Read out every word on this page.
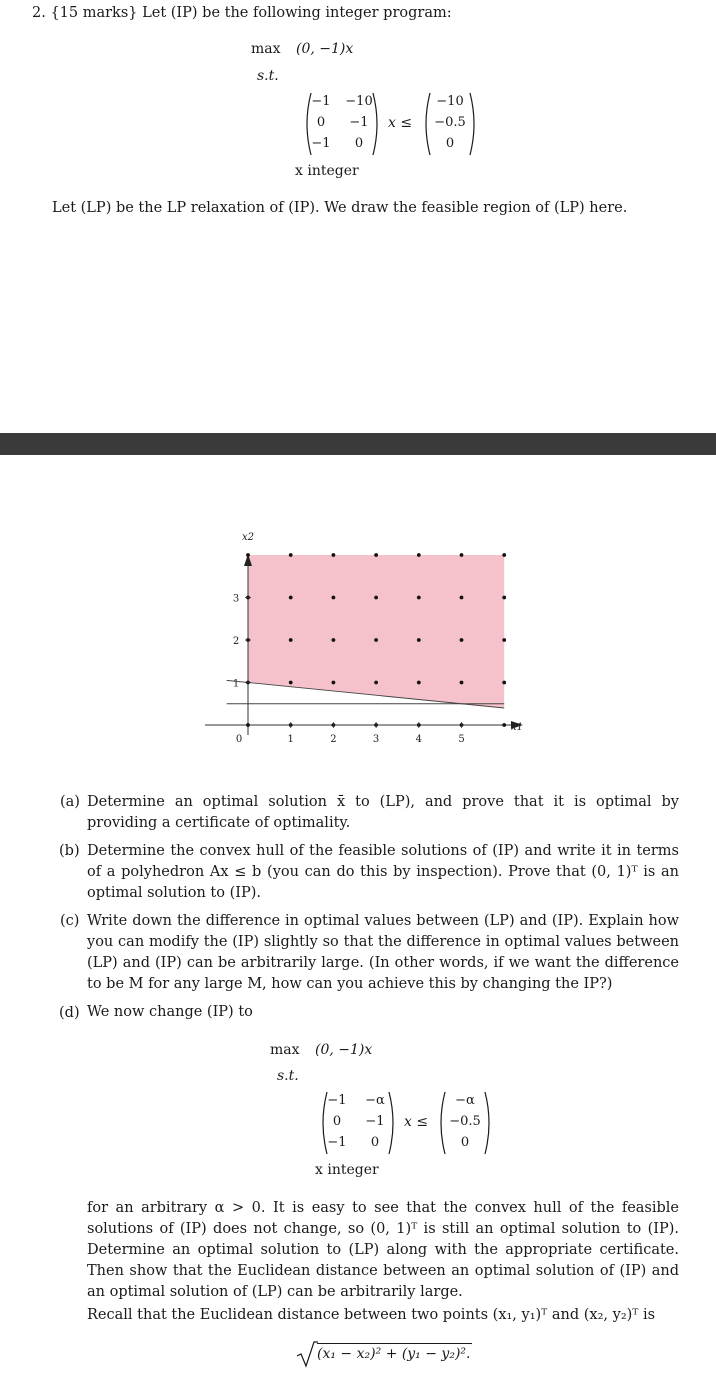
2. {15 marks} Let (IP) be the following integer program:
max (0, −1)x
s.t.
−1 −10
0	−1
−1	0
x ≤
−10
−0.5
0
x integer
Let (LP) be the LP relaxation of (IP). We draw the feasible region of (LP) here.
0	1	2	3	4	5
1
2
3
x1
x2
(a) Determine an optimal solution x̄ to (LP), and prove that it is optimal by providing a certificate of optimality.
(b) Determine the convex hull of the feasible solutions of (IP) and write it in terms of a polyhedron Ax ≤ b (you can do this by inspection). Prove that (0, 1)ᵀ is an optimal solution to (IP).
(c) Write down the difference in optimal values between (LP) and (IP). Explain how you can modify the (IP) slightly so that the difference in optimal values between (LP) and (IP) can be arbitrarily large. (In other words, if we want the difference to be M for any large M, how can you achieve this by changing the IP?)
(d) We now change (IP) to
max (0, −1)x
s.t.
−1	−α
0	−1
−1	0
x ≤
−α
−0.5
0
x integer
for an arbitrary α > 0. It is easy to see that the convex hull of the feasible solutions of (IP) does not change, so (0, 1)ᵀ is still an optimal solution to (IP). Determine an optimal solution to (LP) along with the appropriate certificate. Then show that the Euclidean distance between an optimal solution of (IP) and an optimal solution of (LP) can be arbitrarily large.
Recall that the Euclidean distance between two points (x₁, y₁)ᵀ and (x₂, y₂)ᵀ is
(x₁ − x₂)² + (y₁ − y₂)².
